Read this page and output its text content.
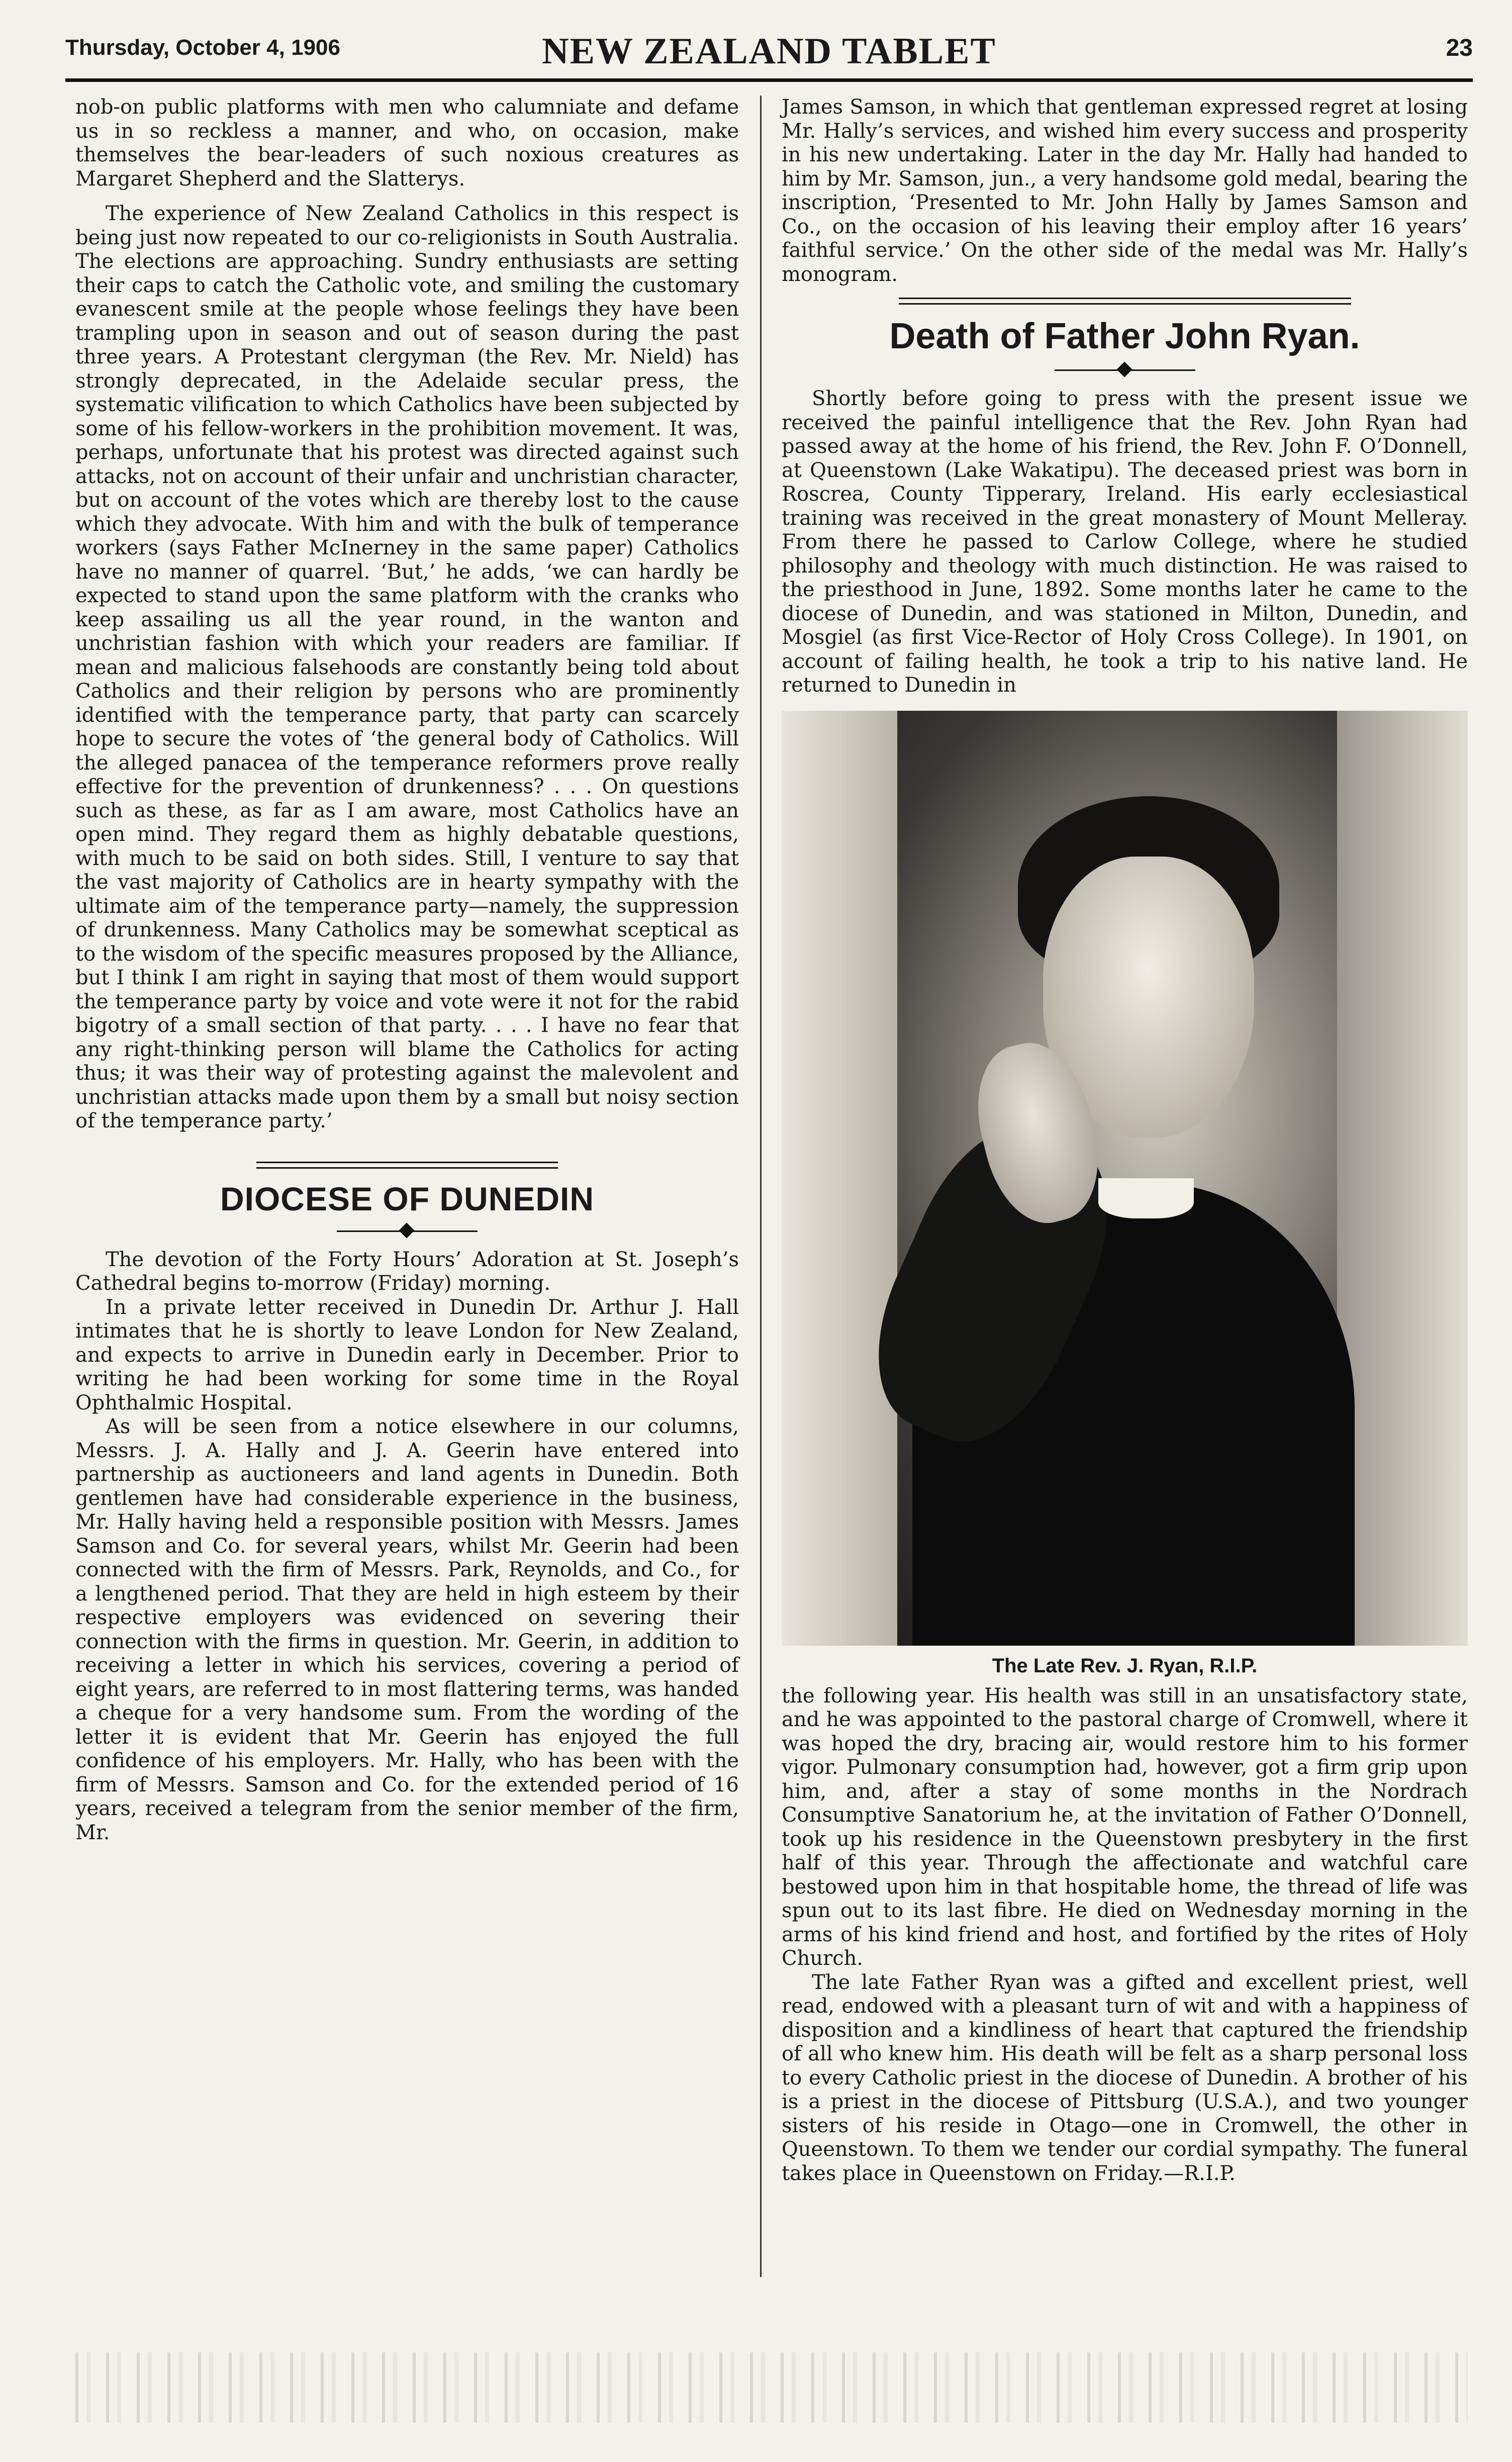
Thursday, October 4, 1906	NEW ZEALAND TABLET	23

nob-on public platforms with men who calumniate and defame us in so reckless a manner, and who, on occasion, make themselves the bear-leaders of such noxious creatures as Margaret Shepherd and the Slatterys.

The experience of New Zealand Catholics in this respect is being just now repeated to our co-religionists in South Australia. The elections are approaching. Sundry enthusiasts are setting their caps to catch the Catholic vote, and smiling the customary evanescent smile at the people whose feelings they have been trampling upon in season and out of season during the past three years. A Protestant clergyman (the Rev. Mr. Nield) has strongly deprecated, in the Adelaide secular press, the systematic vilification to which Catholics have been subjected by some of his fellow-workers in the prohibition movement. It was, perhaps, unfortunate that his protest was directed against such attacks, not on account of their unfair and unchristian character, but on account of the votes which are thereby lost to the cause which they advocate. With him and with the bulk of temperance workers (says Father McInerney in the same paper) Catholics have no manner of quarrel. ‘But,’ he adds, ‘we can hardly be expected to stand upon the same platform with the cranks who keep assailing us all the year round, in the wanton and unchristian fashion with which your readers are familiar. If mean and malicious falsehoods are constantly being told about Catholics and their religion by persons who are prominently identified with the temperance party, that party can scarcely hope to secure the votes of ‘the general body of Catholics. Will the alleged panacea of the temperance reformers prove really effective for the prevention of drunkenness? . . . On questions such as these, as far as I am aware, most Catholics have an open mind. They regard them as highly debatable questions, with much to be said on both sides. Still, I venture to say that the vast majority of Catholics are in hearty sympathy with the ultimate aim of the temperance party—namely, the suppression of drunkenness. Many Catholics may be somewhat sceptical as to the wisdom of the specific measures proposed by the Alliance, but I think I am right in saying that most of them would support the temperance party by voice and vote were it not for the rabid bigotry of a small section of that party. . . . I have no fear that any right-thinking person will blame the Catholics for acting thus; it was their way of protesting against the malevolent and unchristian attacks made upon them by a small but noisy section of the temperance party.’

DIOCESE OF DUNEDIN

The devotion of the Forty Hours’ Adoration at St. Joseph’s Cathedral begins to-morrow (Friday) morning.

In a private letter received in Dunedin Dr. Arthur J. Hall intimates that he is shortly to leave London for New Zealand, and expects to arrive in Dunedin early in December. Prior to writing he had been working for some time in the Royal Ophthalmic Hospital.

As will be seen from a notice elsewhere in our columns, Messrs. J. A. Hally and J. A. Geerin have entered into partnership as auctioneers and land agents in Dunedin. Both gentlemen have had considerable experience in the business, Mr. Hally having held a responsible position with Messrs. James Samson and Co. for several years, whilst Mr. Geerin had been connected with the firm of Messrs. Park, Reynolds, and Co., for a lengthened period. That they are held in high esteem by their respective employers was evidenced on severing their connection with the firms in question. Mr. Geerin, in addition to receiving a letter in which his services, covering a period of eight years, are referred to in most flattering terms, was handed a cheque for a very handsome sum. From the wording of the letter it is evident that Mr. Geerin has enjoyed the full confidence of his employers. Mr. Hally, who has been with the firm of Messrs. Samson and Co. for the extended period of 16 years, received a telegram from the senior member of the firm, Mr.

James Samson, in which that gentleman expressed regret at losing Mr. Hally’s services, and wished him every success and prosperity in his new undertaking. Later in the day Mr. Hally had handed to him by Mr. Samson, jun., a very handsome gold medal, bearing the inscription, ‘Presented to Mr. John Hally by James Samson and Co., on the occasion of his leaving their employ after 16 years’ faithful service.’ On the other side of the medal was Mr. Hally’s monogram.

Death of Father John Ryan.

Shortly before going to press with the present issue we received the painful intelligence that the Rev. John Ryan had passed away at the home of his friend, the Rev. John F. O’Donnell, at Queenstown (Lake Wakatipu). The deceased priest was born in Roscrea, County Tipperary, Ireland. His early ecclesiastical training was received in the great monastery of Mount Melleray. From there he passed to Carlow College, where he studied philosophy and theology with much distinction. He was raised to the priesthood in June, 1892. Some months later he came to the diocese of Dunedin, and was stationed in Milton, Dunedin, and Mosgiel (as first Vice-Rector of Holy Cross College). In 1901, on account of failing health, he took a trip to his native land. He returned to Dunedin in

The Late Rev. J. Ryan, R.I.P.

the following year. His health was still in an unsatisfactory state, and he was appointed to the pastoral charge of Cromwell, where it was hoped the dry, bracing air, would restore him to his former vigor. Pulmonary consumption had, however, got a firm grip upon him, and, after a stay of some months in the Nordrach Consumptive Sanatorium he, at the invitation of Father O’Donnell, took up his residence in the Queenstown presbytery in the first half of this year. Through the affectionate and watchful care bestowed upon him in that hospitable home, the thread of life was spun out to its last fibre. He died on Wednesday morning in the arms of his kind friend and host, and fortified by the rites of Holy Church.

The late Father Ryan was a gifted and excellent priest, well read, endowed with a pleasant turn of wit and with a happiness of disposition and a kindliness of heart that captured the friendship of all who knew him. His death will be felt as a sharp personal loss to every Catholic priest in the diocese of Dunedin. A brother of his is a priest in the diocese of Pittsburg (U.S.A.), and two younger sisters of his reside in Otago—one in Cromwell, the other in Queenstown. To them we tender our cordial sympathy. The funeral takes place in Queenstown on Friday.—R.I.P.
